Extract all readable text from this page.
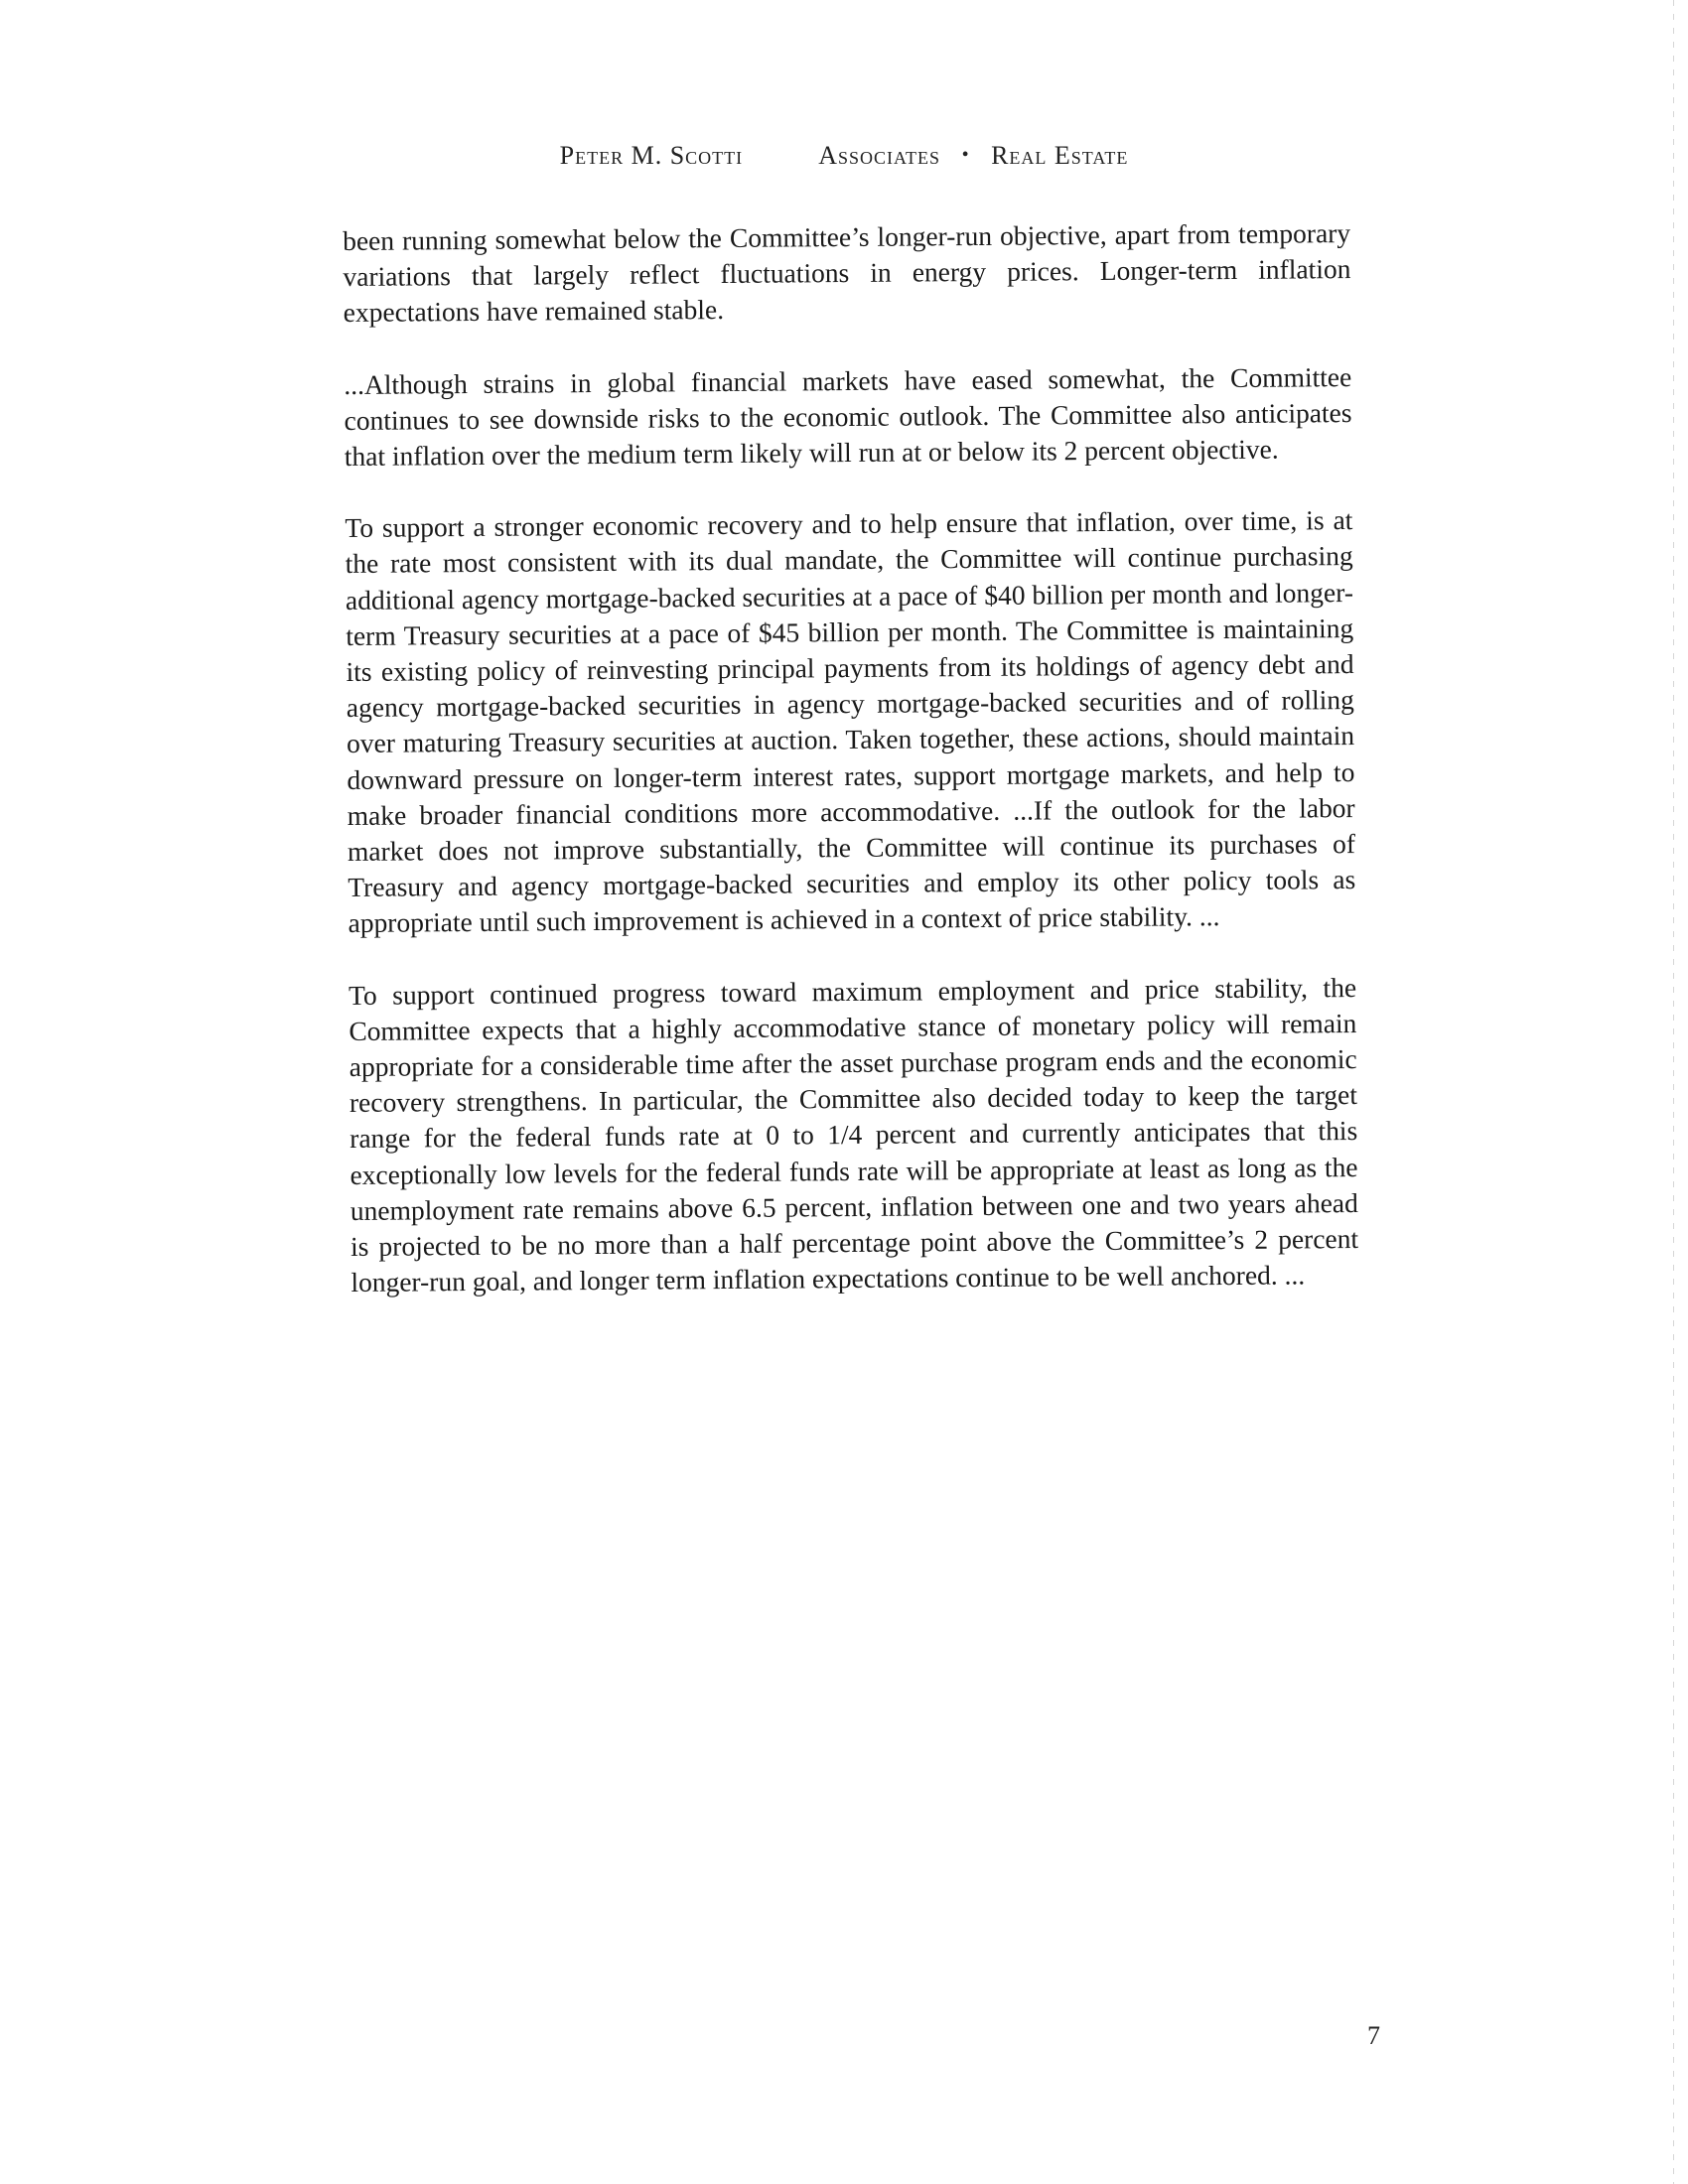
Peter M. Scotti	Associates • Real Estate

been running somewhat below the Committee’s longer-run objective, apart from temporary variations that largely reflect fluctuations in energy prices. Longer-term inflation expectations have remained stable.

...Although strains in global financial markets have eased somewhat, the Committee continues to see downside risks to the economic outlook. The Committee also anticipates that inflation over the medium term likely will run at or below its 2 percent objective.

To support a stronger economic recovery and to help ensure that inflation, over time, is at the rate most consistent with its dual mandate, the Committee will continue purchasing additional agency mortgage-backed securities at a pace of $40 billion per month and longer-term Treasury securities at a pace of $45 billion per month. The Committee is maintaining its existing policy of reinvesting principal payments from its holdings of agency debt and agency mortgage-backed securities in agency mortgage-backed securities and of rolling over maturing Treasury securities at auction. Taken together, these actions, should maintain downward pressure on longer-term interest rates, support mortgage markets, and help to make broader financial conditions more accommodative. ...If the outlook for the labor market does not improve substantially, the Committee will continue its purchases of Treasury and agency mortgage-backed securities and employ its other policy tools as appropriate until such improvement is achieved in a context of price stability. ...

To support continued progress toward maximum employment and price stability, the Committee expects that a highly accommodative stance of monetary policy will remain appropriate for a considerable time after the asset purchase program ends and the economic recovery strengthens. In particular, the Committee also decided today to keep the target range for the federal funds rate at 0 to 1/4 percent and currently anticipates that this exceptionally low levels for the federal funds rate will be appropriate at least as long as the unemployment rate remains above 6.5 percent, inflation between one and two years ahead is projected to be no more than a half percentage point above the Committee’s 2 percent longer-run goal, and longer term inflation expectations continue to be well anchored. ...

7
